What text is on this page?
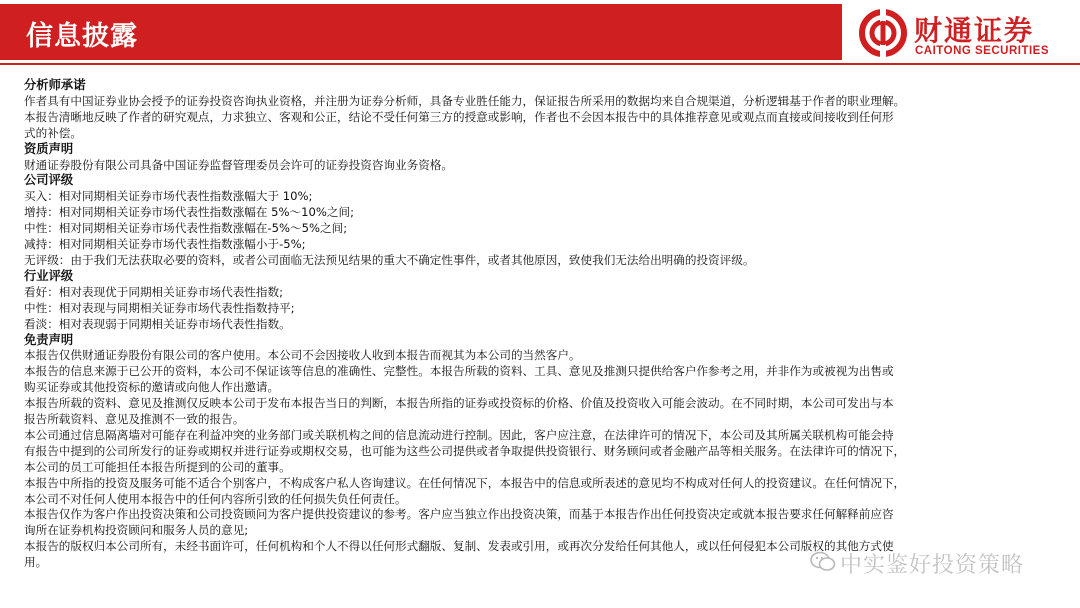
信息披露	财通证券
CAITONG SECURITIES

分析师承诺

作者具有中国证券业协会授予的证券投资咨询执业资格，并注册为证券分析师，具备专业胜任能力，保证报告所采用的数据均来自合规渠道，分析逻辑基于作者的职业理解。

本报告清晰地反映了作者的研究观点，力求独立、客观和公正，结论不受任何第三方的授意或影响，作者也不会因本报告中的具体推荐意见或观点而直接或间接收到任何形

式的补偿。

资质声明

财通证券股份有限公司具备中国证券监督管理委员会许可的证券投资咨询业务资格。

公司评级

买入：相对同期相关证券市场代表性指数涨幅大于 10%;

增持：相对同期相关证券市场代表性指数涨幅在 5%～10%之间;

中性：相对同期相关证券市场代表性指数涨幅在-5%～5%之间;

减持：相对同期相关证券市场代表性指数涨幅小于-5%;

无评级：由于我们无法获取必要的资料，或者公司面临无法预见结果的重大不确定性事件，或者其他原因，致使我们无法给出明确的投资评级。

行业评级

看好：相对表现优于同期相关证券市场代表性指数;

中性：相对表现与同期相关证券市场代表性指数持平;

看淡：相对表现弱于同期相关证券市场代表性指数。

免责声明

本报告仅供财通证券股份有限公司的客户使用。本公司不会因接收人收到本报告而视其为本公司的当然客户。

本报告的信息来源于已公开的资料，本公司不保证该等信息的准确性、完整性。本报告所载的资料、工具、意见及推测只提供给客户作参考之用，并非作为或被视为出售或

购买证券或其他投资标的邀请或向他人作出邀请。

本报告所载的资料、意见及推测仅反映本公司于发布本报告当日的判断，本报告所指的证券或投资标的价格、价值及投资收入可能会波动。在不同时期，本公司可发出与本

报告所载资料、意见及推测不一致的报告。

本公司通过信息隔离墙对可能存在利益冲突的业务部门或关联机构之间的信息流动进行控制。因此，客户应注意，在法律许可的情况下，本公司及其所属关联机构可能会持

有报告中提到的公司所发行的证券或期权并进行证券或期权交易，也可能为这些公司提供或者争取提供投资银行、财务顾问或者金融产品等相关服务。在法律许可的情况下，

本公司的员工可能担任本报告所提到的公司的董事。

本报告中所指的投资及服务可能不适合个别客户，不构成客户私人咨询建议。在任何情况下，本报告中的信息或所表述的意见均不构成对任何人的投资建议。在任何情况下，

本公司不对任何人使用本报告中的任何内容所引致的任何损失负任何责任。

本报告仅作为客户作出投资决策和公司投资顾问为客户提供投资建议的参考。客户应当独立作出投资决策，而基于本报告作出任何投资决定或就本报告要求任何解释前应咨

询所在证券机构投资顾问和服务人员的意见;

本报告的版权归本公司所有，未经书面许可，任何机构和个人不得以任何形式翻版、复制、发表或引用，或再次分发给任何其他人，或以任何侵犯本公司版权的其他方式使

用。	中实鉴好投资策略
